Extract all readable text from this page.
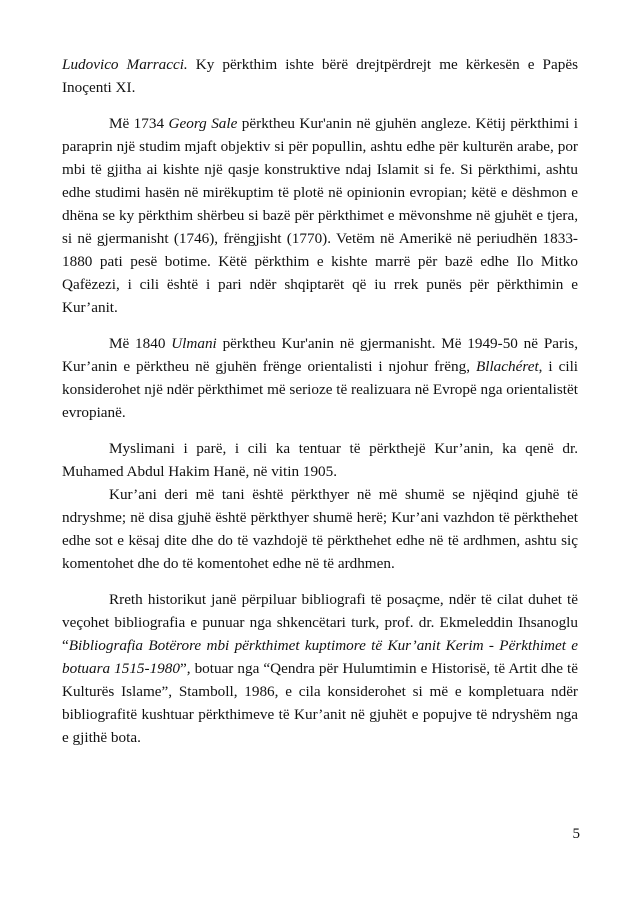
Ludovico Marracci. Ky përkthim ishte bërë drejtpërdrejt me kërkesën e Papës Inoçenti XI.

Më 1734 Georg Sale përktheu Kur'anin në gjuhën angleze. Këtij përkthimi i paraprin një studim mjaft objektiv si për popullin, ashtu edhe për kulturën arabe, por mbi të gjitha ai kishte një qasje konstruktive ndaj Islamit si fe. Si përkthimi, ashtu edhe studimi hasën në mirëkuptim të plotë në opinionin evropian; këtë e dëshmon e dhëna se ky përkthim shërbeu si bazë për përkthimet e mëvonshme në gjuhët e tjera, si në gjermanisht (1746), frëngjisht (1770). Vetëm në Amerikë në periudhën 1833-1880 pati pesë botime. Këtë përkthim e kishte marrë për bazë edhe Ilo Mitko Qafëzezi, i cili është i pari ndër shqiptarët që iu rrek punës për përkthimin e Kur’anit.

Më 1840 Ulmani përktheu Kur'anin në gjermanisht. Më 1949-50 në Paris, Kur’anin e përktheu në gjuhën frënge orientalisti i njohur frëng, Bllachéret, i cili konsiderohet një ndër përkthimet më serioze të realizuara në Evropë nga orientalistët evropianë.

Myslimani i parë, i cili ka tentuar të përkthejë Kur’anin, ka qenë dr. Muhamed Abdul Hakim Hanë, në vitin 1905.

Kur’ani deri më tani është përkthyer në më shumë se njëqind gjuhë të ndryshme; në disa gjuhë është përkthyer shumë herë; Kur’ani vazhdon të përkthehet edhe sot e kësaj dite dhe do të vazhdojë të përkthehet edhe në të ardhmen, ashtu siç komentohet dhe do të komentohet edhe në të ardhmen.

Rreth historikut janë përpiluar bibliografi të posaçme, ndër të cilat duhet të veçohet bibliografia e punuar nga shkencëtari turk, prof. dr. Ekmeleddin Ihsanoglu “Bibliografia Botërore mbi përkthimet kuptimore të Kur’anit Kerim - Përkthimet e botuara 1515-1980”, botuar nga “Qendra për Hulumtimin e Historisë, të Artit dhe të Kulturës Islame”, Stamboll, 1986, e cila konsiderohet si më e kompletuara ndër bibliografitë kushtuar përkthimeve të Kur’anit në gjuhët e popujve të ndryshëm nga e gjithë bota.

5
